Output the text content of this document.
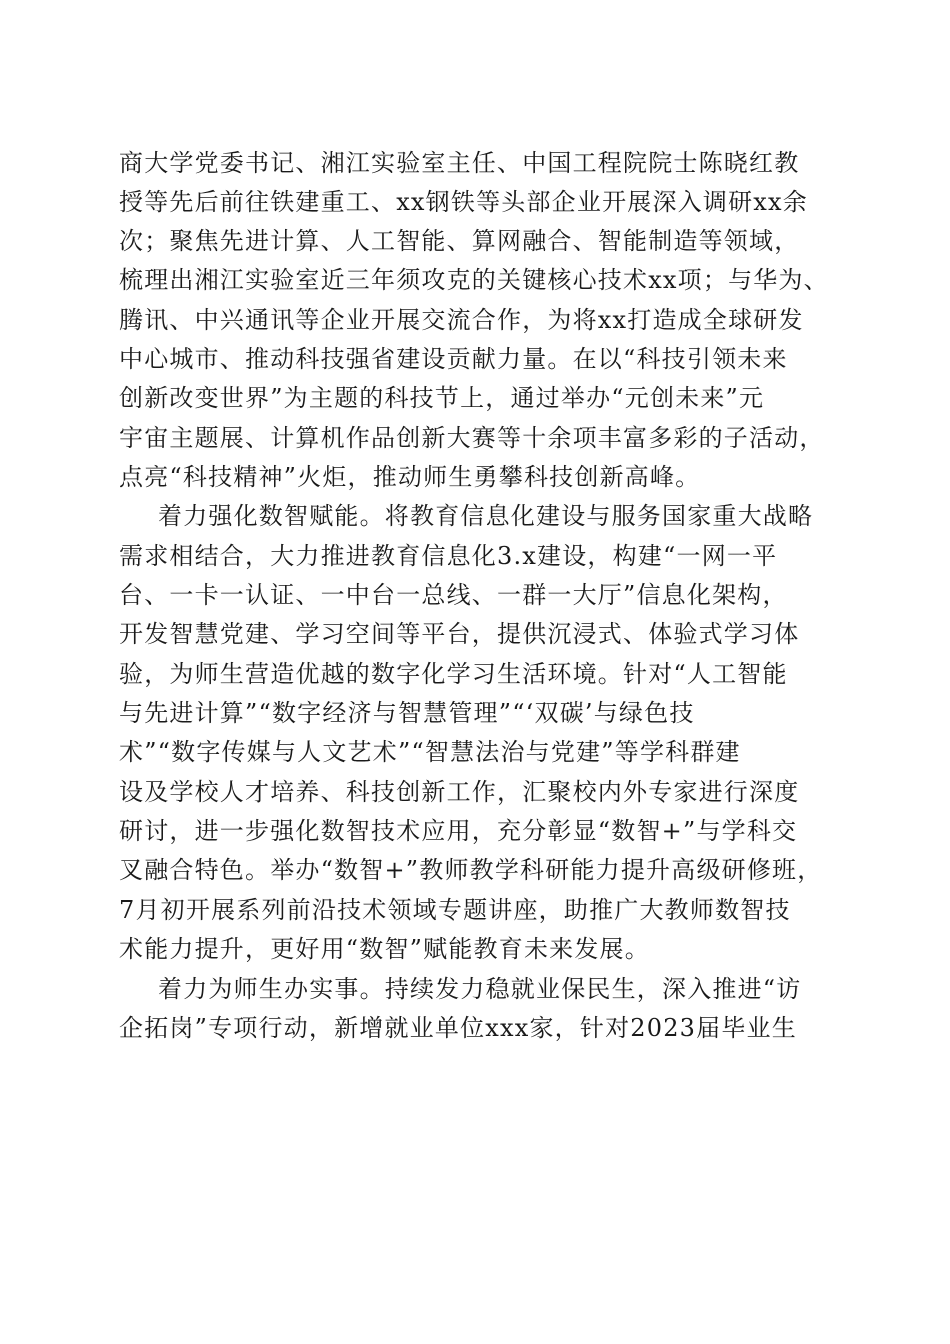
商大学党委书记、湘江实验室主任、中国工程院院士陈晓红教
授等先后前往铁建重工、xx钢铁等头部企业开展深入调研xx余
次；聚焦先进计算、人工智能、算网融合、智能制造等领域，
梳理出湘江实验室近三年须攻克的关键核心技术xx项；与华为、
腾讯、中兴通讯等企业开展交流合作，为将xx打造成全球研发
中心城市、推动科技强省建设贡献力量。在以“科技引领未来
创新改变世界”为主题的科技节上，通过举办“元创未来”元
宇宙主题展、计算机作品创新大赛等十余项丰富多彩的子活动，
点亮“科技精神”火炬，推动师生勇攀科技创新高峰。
着力强化数智赋能。将教育信息化建设与服务国家重大战略
需求相结合，大力推进教育信息化3.x建设，构建“一网一平
台、一卡一认证、一中台一总线、一群一大厅”信息化架构，
开发智慧党建、学习空间等平台，提供沉浸式、体验式学习体
验，为师生营造优越的数字化学习生活环境。针对“人工智能
与先进计算”“数字经济与智慧管理”“‘双碳’与绿色技
术”“数字传媒与人文艺术”“智慧法治与党建”等学科群建
设及学校人才培养、科技创新工作，汇聚校内外专家进行深度
研讨，进一步强化数智技术应用，充分彰显“数智+”与学科交
叉融合特色。举办“数智+”教师教学科研能力提升高级研修班，
7月初开展系列前沿技术领域专题讲座，助推广大教师数智技
术能力提升，更好用“数智”赋能教育未来发展。
着力为师生办实事。持续发力稳就业保民生，深入推进“访
企拓岗”专项行动，新增就业单位xxx家，针对2023届毕业生
